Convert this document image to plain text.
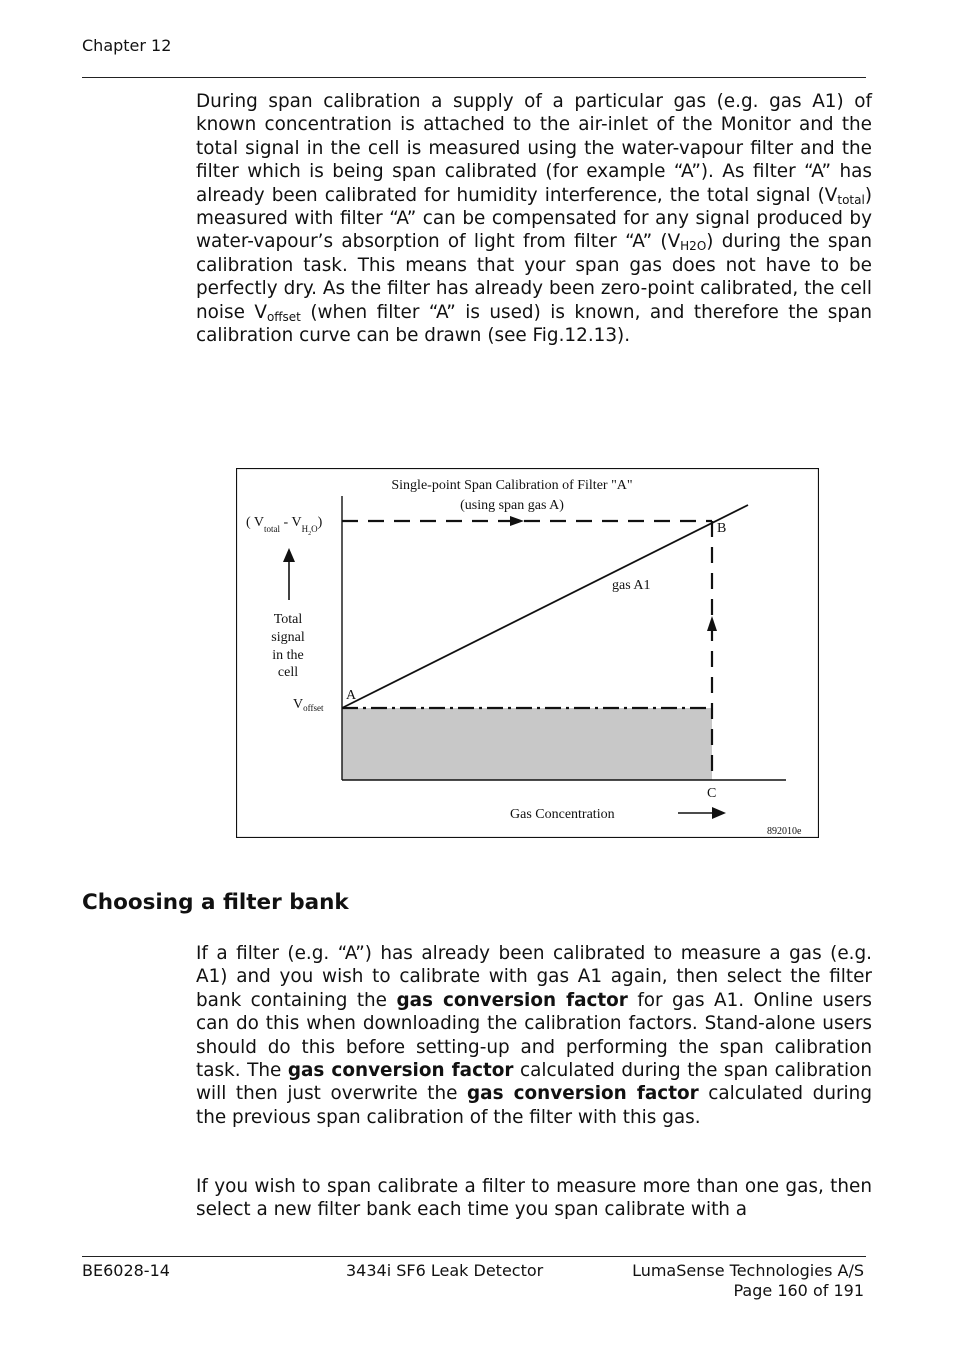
Chapter 12

During span calibration a supply of a particular gas (e.g. gas A1) of known concentration is attached to the air-inlet of the Monitor and the total signal in the cell is measured using the water-vapour filter and the filter which is being span calibrated (for example “A”). As filter “A” has already been calibrated for humidity interference, the total signal $(V_{total})$ measured with filter “A” can be compensated for any signal produced by water-vapour’s absorption of light from filter “A” $(V_{H2O})$ during the span calibration task. This means that your span gas does not have to be perfectly dry. As the filter has already been zero-point calibrated, the cell noise $V_{offset}$ (when filter “A” is used) is known, and therefore the span calibration curve can be drawn (see Fig.12.13).

Single-point Span Calibration of Filter "A"
(using span gas A)
( $V_{total} - V_{H2}^O$)
Total
signal
in the
cell
$V_{offset}$
A
B
C
gas A1
Gas Concentration
892010e
Choosing a filter bank

If a filter (e.g. “A”) has already been calibrated to measure a gas (e.g. A1) and you wish to calibrate with gas A1 again, then select the filter bank containing the gas conversion factor for gas A1. Online users can do this when downloading the calibration factors. Stand-alone users should do this before setting-up and performing the span calibration task. The gas conversion factor calculated during the span calibration will then just overwrite the gas conversion factor calculated during the previous span calibration of the filter with this gas.

If you wish to span calibrate a filter to measure more than one gas, then select a new filter bank each time you span calibrate with a

BE6028-14	3434i SF6 Leak Detector	LumaSense Technologies A/S
Page 160 of 191
